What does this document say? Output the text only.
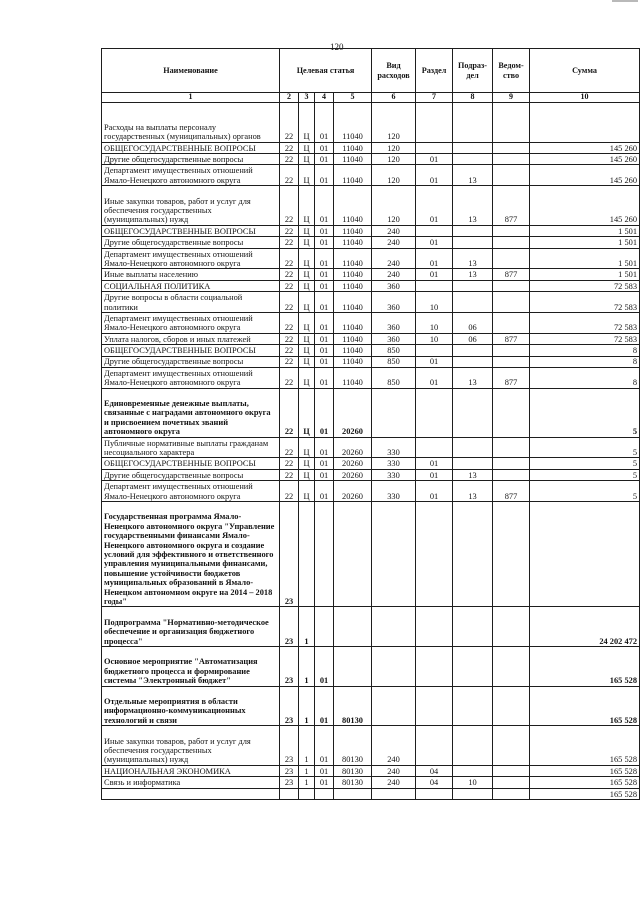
120
Наименование	Целевая статья				Вид расходов	Раздел	Подраз-дел	Ведом-ство	Сумма
1	2	3	4	5	6	7	8	9	10
Расходы на выплаты персоналу государственных (муниципальных) органов	22	Ц	01	11040	120				
ОБЩЕГОСУДАРСТВЕННЫЕ ВОПРОСЫ	22	Ц	01	11040	120				145 260
Другие общегосударственные вопросы	22	Ц	01	11040	120	01			145 260
Департамент имущественных отношений Ямало-Ненецкого автономного округа	22	Ц	01	11040	120	01	13		145 260
Иные закупки товаров, работ и услуг для обеспечения государственных (муниципальных) нужд	22	Ц	01	11040	120	01	13	877	145 260
ОБЩЕГОСУДАРСТВЕННЫЕ ВОПРОСЫ	22	Ц	01	11040	240				1 501
Другие общегосударственные вопросы	22	Ц	01	11040	240	01			1 501
Департамент имущественных отношений Ямало-Ненецкого автономного округа	22	Ц	01	11040	240	01	13		1 501
Иные выплаты населению	22	Ц	01	11040	240	01	13	877	1 501
СОЦИАЛЬНАЯ ПОЛИТИКА	22	Ц	01	11040	360				72 583
Другие вопросы в области социальной политики	22	Ц	01	11040	360	10			72 583
Департамент имущественных отношений Ямало-Ненецкого автономного округа	22	Ц	01	11040	360	10	06		72 583
Уплата налогов, сборов и иных платежей	22	Ц	01	11040	360	10	06	877	72 583
ОБЩЕГОСУДАРСТВЕННЫЕ ВОПРОСЫ	22	Ц	01	11040	850				8
Другие общегосударственные вопросы	22	Ц	01	11040	850	01			8
Департамент имущественных отношений Ямало-Ненецкого автономного округа	22	Ц	01	11040	850	01	13	877	8
Единовременные денежные выплаты, связанные с наградами автономного округа и присвоением почетных званий автономного округа	22	Ц	01	20260					5
Публичные нормативные выплаты гражданам несоциального характера	22	Ц	01	20260	330				5
ОБЩЕГОСУДАРСТВЕННЫЕ ВОПРОСЫ	22	Ц	01	20260	330	01			5
Другие общегосударственные вопросы	22	Ц	01	20260	330	01	13		5
Департамент имущественных отношений Ямало-Ненецкого автономного округа	22	Ц	01	20260	330	01	13	877	5
Государственная программа Ямало-Ненецкого автономного округа "Управление государственными финансами Ямало-Ненецкого автономного округа и создание условий для эффективного и ответственного управления муниципальными финансами, повышение устойчивости бюджетов муниципальных образований в Ямало-Ненецком автономном округе на 2014 – 2018 годы"	23								
Подпрограмма "Нормативно-методическое обеспечение и организация бюджетного процесса"	23	1							24 202 472
Основное мероприятие "Автоматизация бюджетного процесса и формирование системы "Электронный бюджет"	23	1	01						165 528
Отдельные мероприятия в области информационно-коммуникационных технологий и связи	23	1	01	80130					165 528
Иные закупки товаров, работ и услуг для обеспечения государственных (муниципальных) нужд	23	1	01	80130	240				165 528
НАЦИОНАЛЬНАЯ ЭКОНОМИКА	23	1	01	80130	240	04			165 528
Связь и информатика	23	1	01	80130	240	04	10		165 528
									165 528
